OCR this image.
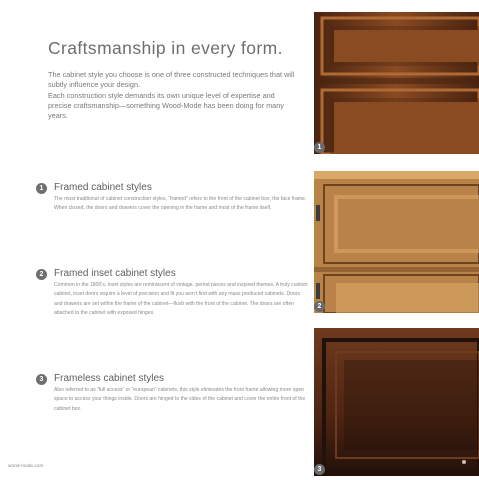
Craftsmanship in every form.

The cabinet style you choose is one of three constructed techniques that will subtly influence your design.

Each construction style demands its own unique level of expertise and precise craftsmanship—something Wood-Mode has been doing for many years.

1	Framed cabinet styles

The most traditional of cabinet construction styles, “framed” refers to the front of the cabinet box, the face frame. When closed, the doors and drawers cover the opening in the frame and most of the frame itself.

2	Framed inset cabinet styles

Common in the 1800’s, inset styles are reminiscent of vintage, period pieces and inspired themes. A truly custom cabinet, inset doors require a level of precision and fit you won’t find with any mass produced cabinets. Doors and drawers are set within the frame of the cabinet—flush with the front of the cabinet. The doors are often attached to the cabinet with exposed hinges.

3	Frameless cabinet styles

Also referred to as “full access” or “european” cabinets, this style eliminates the front frame allowing more open space to access your things inside. Doors are hinged to the sides of the cabinet and cover the entire front of the cabinet box.

wood-mode.com
1
2
3
